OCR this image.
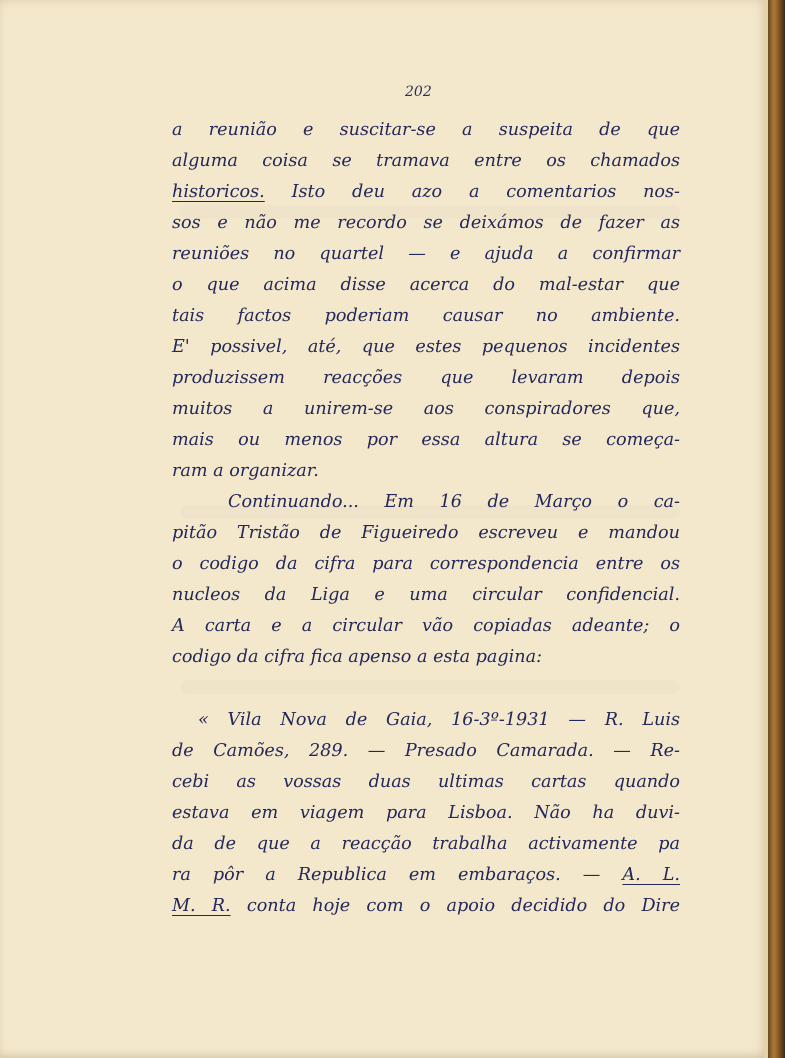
202
a reunião e suscitar-se a suspeita de que
alguma coisa se tramava entre os chamados
historicos. Isto deu azo a comentarios nos-
sos e não me recordo se deixámos de fazer as
reuniões no quartel — e ajuda a confirmar
o que acima disse acerca do mal-estar que
tais factos poderiam causar no ambiente.
E' possivel, até, que estes pequenos incidentes
produzissem reacções que levaram depois
muitos a unirem-se aos conspiradores que,
mais ou menos por essa altura se começa-
ram a organizar.
Continuando... Em 16 de Março o ca-
pitão Tristão de Figueiredo escreveu e mandou
o codigo da cifra para correspondencia entre os
nucleos da Liga e uma circular confidencial.
A carta e a circular vão copiadas adeante; o
codigo da cifra fica apenso a esta pagina:
« Vila Nova de Gaia, 16-3º-1931 — R. Luis
de Camões, 289. — Presado Camarada. — Re-
cebi as vossas duas ultimas cartas quando
estava em viagem para Lisboa. Não ha duvi-
da de que a reacção trabalha activamente pa
ra pôr a Republica em embaraços. — A. L.
M. R. conta hoje com o apoio decidido do Dire
